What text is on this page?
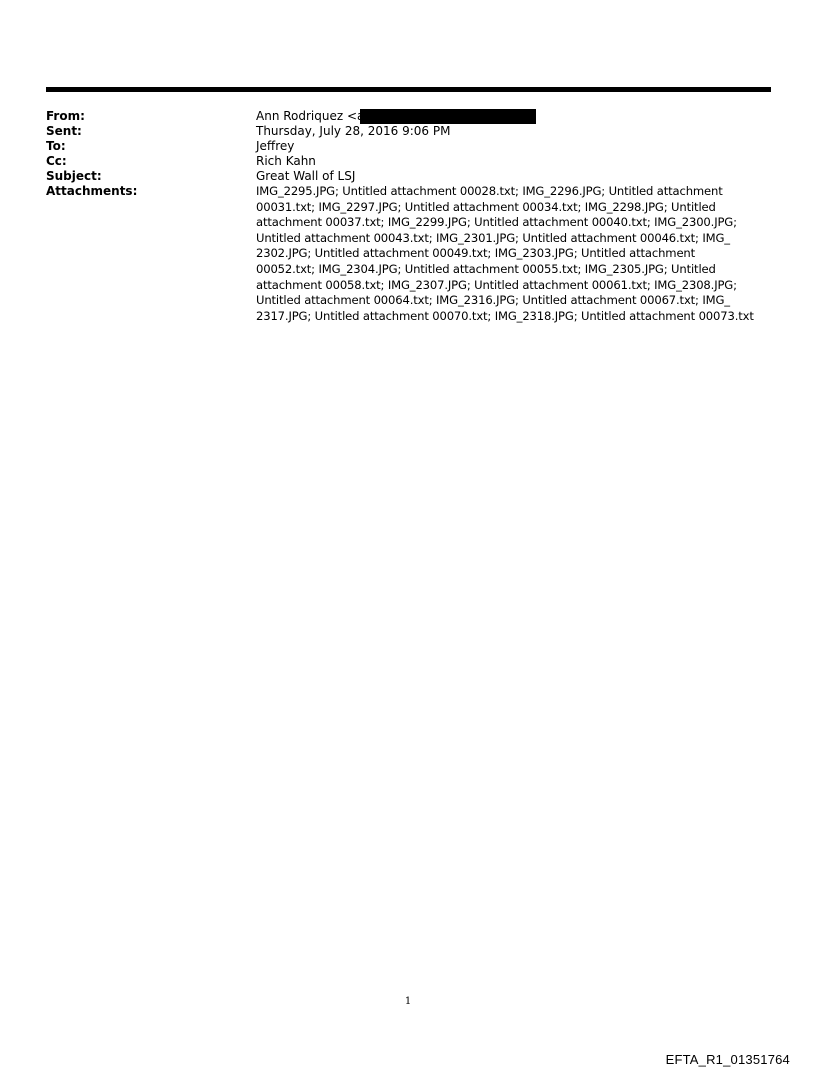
From:	Ann Rodriquez <a
Sent:	Thursday, July 28, 2016 9:06 PM
To:	Jeffrey
Cc:	Rich Kahn
Subject:	Great Wall of LSJ
Attachments:	IMG_2295.JPG; Untitled attachment 00028.txt; IMG_2296.JPG; Untitled attachment
00031.txt; IMG_2297.JPG; Untitled attachment 00034.txt; IMG_2298.JPG; Untitled
attachment 00037.txt; IMG_2299.JPG; Untitled attachment 00040.txt; IMG_2300.JPG;
Untitled attachment 00043.txt; IMG_2301.JPG; Untitled attachment 00046.txt; IMG_
2302.JPG; Untitled attachment 00049.txt; IMG_2303.JPG; Untitled attachment
00052.txt; IMG_2304.JPG; Untitled attachment 00055.txt; IMG_2305.JPG; Untitled
attachment 00058.txt; IMG_2307.JPG; Untitled attachment 00061.txt; IMG_2308.JPG;
Untitled attachment 00064.txt; IMG_2316.JPG; Untitled attachment 00067.txt; IMG_
2317.JPG; Untitled attachment 00070.txt; IMG_2318.JPG; Untitled attachment 00073.txt
1
EFTA_R1_01351764
